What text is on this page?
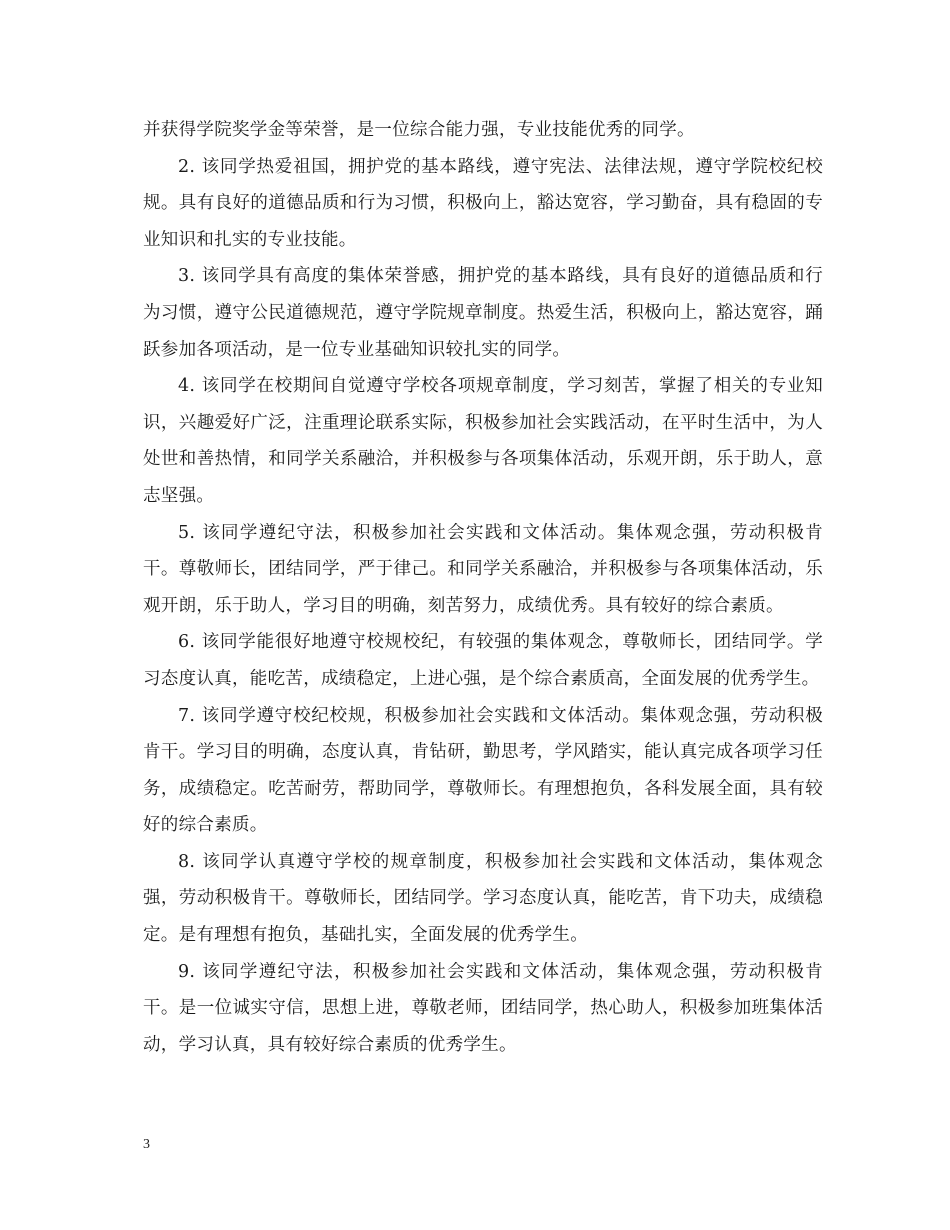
并获得学院奖学金等荣誉，是一位综合能力强，专业技能优秀的同学。

2. 该同学热爱祖国，拥护党的基本路线，遵守宪法、法律法规，遵守学院校纪校规。具有良好的道德品质和行为习惯，积极向上，豁达宽容，学习勤奋，具有稳固的专业知识和扎实的专业技能。

3. 该同学具有高度的集体荣誉感，拥护党的基本路线，具有良好的道德品质和行为习惯，遵守公民道德规范，遵守学院规章制度。热爱生活，积极向上，豁达宽容，踊跃参加各项活动，是一位专业基础知识较扎实的同学。

4. 该同学在校期间自觉遵守学校各项规章制度，学习刻苦，掌握了相关的专业知识，兴趣爱好广泛，注重理论联系实际，积极参加社会实践活动，在平时生活中，为人处世和善热情，和同学关系融洽，并积极参与各项集体活动，乐观开朗，乐于助人，意志坚强。

5. 该同学遵纪守法，积极参加社会实践和文体活动。集体观念强，劳动积极肯干。尊敬师长，团结同学，严于律己。和同学关系融洽，并积极参与各项集体活动，乐观开朗，乐于助人，学习目的明确，刻苦努力，成绩优秀。具有较好的综合素质。

6. 该同学能很好地遵守校规校纪，有较强的集体观念，尊敬师长，团结同学。学习态度认真，能吃苦，成绩稳定，上进心强，是个综合素质高，全面发展的优秀学生。

7. 该同学遵守校纪校规，积极参加社会实践和文体活动。集体观念强，劳动积极肯干。学习目的明确，态度认真，肯钻研，勤思考，学风踏实，能认真完成各项学习任务，成绩稳定。吃苦耐劳，帮助同学，尊敬师长。有理想抱负，各科发展全面，具有较好的综合素质。

8. 该同学认真遵守学校的规章制度，积极参加社会实践和文体活动，集体观念强，劳动积极肯干。尊敬师长，团结同学。学习态度认真，能吃苦，肯下功夫，成绩稳定。是有理想有抱负，基础扎实，全面发展的优秀学生。

9. 该同学遵纪守法，积极参加社会实践和文体活动，集体观念强，劳动积极肯干。是一位诚实守信，思想上进，尊敬老师，团结同学，热心助人，积极参加班集体活动，学习认真，具有较好综合素质的优秀学生。

3
